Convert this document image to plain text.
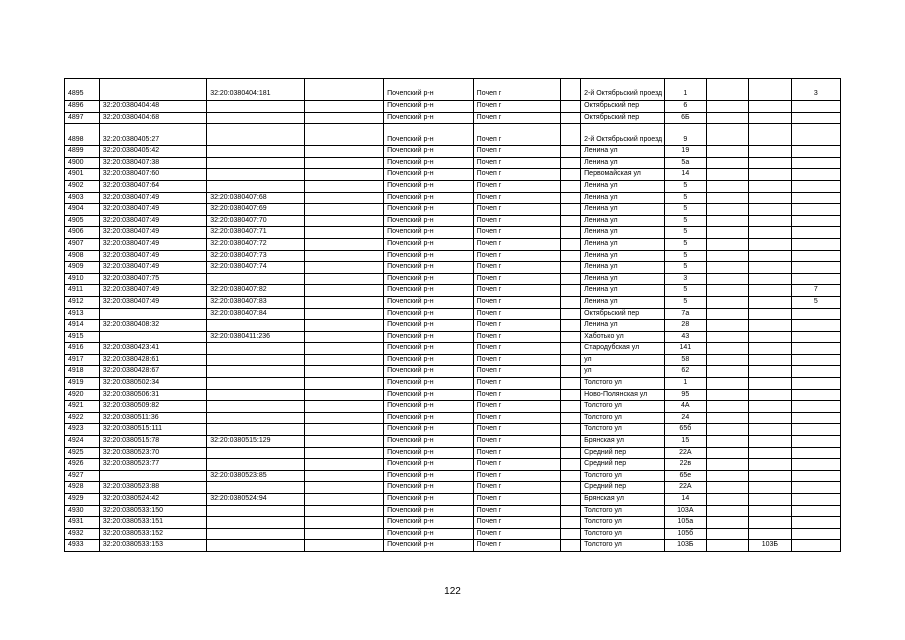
4895		32:20:0380404:181		Почепский р-н	Почеп г		2-й Октябрьский проезд	1			3
4896	32:20:0380404:48			Почепский р-н	Почеп г		Октябрьский пер	6			
4897	32:20:0380404:68			Почепский р-н	Почеп г		Октябрьский пер	6Б			
4898	32:20:0380405:27			Почепский р-н	Почеп г		2-й Октябрьский проезд	9			
4899	32:20:0380405:42			Почепский р-н	Почеп г		Ленина ул	19			
4900	32:20:0380407:38			Почепский р-н	Почеп г		Ленина ул	5а			
4901	32:20:0380407:60			Почепский р-н	Почеп г		Первомайская ул	14			
4902	32:20:0380407:64			Почепский р-н	Почеп г		Ленина ул	5			
4903	32:20:0380407:49	32:20:0380407:68		Почепский р-н	Почеп г		Ленина ул	5			
4904	32:20:0380407:49	32:20:0380407:69		Почепский р-н	Почеп г		Ленина ул	5			
4905	32:20:0380407:49	32:20:0380407:70		Почепский р-н	Почеп г		Ленина ул	5			
4906	32:20:0380407:49	32:20:0380407:71		Почепский р-н	Почеп г		Ленина ул	5			
4907	32:20:0380407:49	32:20:0380407:72		Почепский р-н	Почеп г		Ленина ул	5			
4908	32:20:0380407:49	32:20:0380407:73		Почепский р-н	Почеп г		Ленина ул	5			
4909	32:20:0380407:49	32:20:0380407:74		Почепский р-н	Почеп г		Ленина ул	5			
4910	32:20:0380407:75			Почепский р-н	Почеп г		Ленина ул	3			
4911	32:20:0380407:49	32:20:0380407:82		Почепский р-н	Почеп г		Ленина ул	5			7
4912	32:20:0380407:49	32:20:0380407:83		Почепский р-н	Почеп г		Ленина ул	5			5
4913		32:20:0380407:84		Почепский р-н	Почеп г		Октябрьский пер	7а			
4914	32:20:0380408:32			Почепский р-н	Почеп г		Ленина ул	28			
4915		32:20:0380411:236		Почепский р-н	Почеп г		Хаботько ул	43			
4916	32:20:0380423:41			Почепский р-н	Почеп г		Стародубская ул	141			
4917	32:20:0380428:61			Почепский р-н	Почеп г		ул	58			
4918	32:20:0380428:67			Почепский р-н	Почеп г		ул	62			
4919	32:20:0380502:34			Почепский р-н	Почеп г		Толстого ул	1			
4920	32:20:0380506:31			Почепский р-н	Почеп г		Ново-Полянская ул	95			
4921	32:20:0380509:82			Почепский р-н	Почеп г		Толстого ул	4А			
4922	32:20:0380511:36			Почепский р-н	Почеп г		Толстого ул	24			
4923	32:20:0380515:111			Почепский р-н	Почеп г		Толстого ул	65б			
4924	32:20:0380515:78	32:20:0380515:129		Почепский р-н	Почеп г		Брянская ул	15			
4925	32:20:0380523:70			Почепский р-н	Почеп г		Средний пер	22А			
4926	32:20:0380523:77			Почепский р-н	Почеп г		Средний пер	22в			
4927		32:20:0380523:85		Почепский р-н	Почеп г		Толстого ул	65е			
4928	32:20:0380523:88			Почепский р-н	Почеп г		Средний пер	22А			
4929	32:20:0380524:42	32:20:0380524:94		Почепский р-н	Почеп г		Брянская ул	14			
4930	32:20:0380533:150			Почепский р-н	Почеп г		Толстого ул	103А			
4931	32:20:0380533:151			Почепский р-н	Почеп г		Толстого ул	105а			
4932	32:20:0380533:152			Почепский р-н	Почеп г		Толстого ул	105б			
4933	32:20:0380533:153			Почепский р-н	Почеп г		Толстого ул	103Б		103Б	
122
